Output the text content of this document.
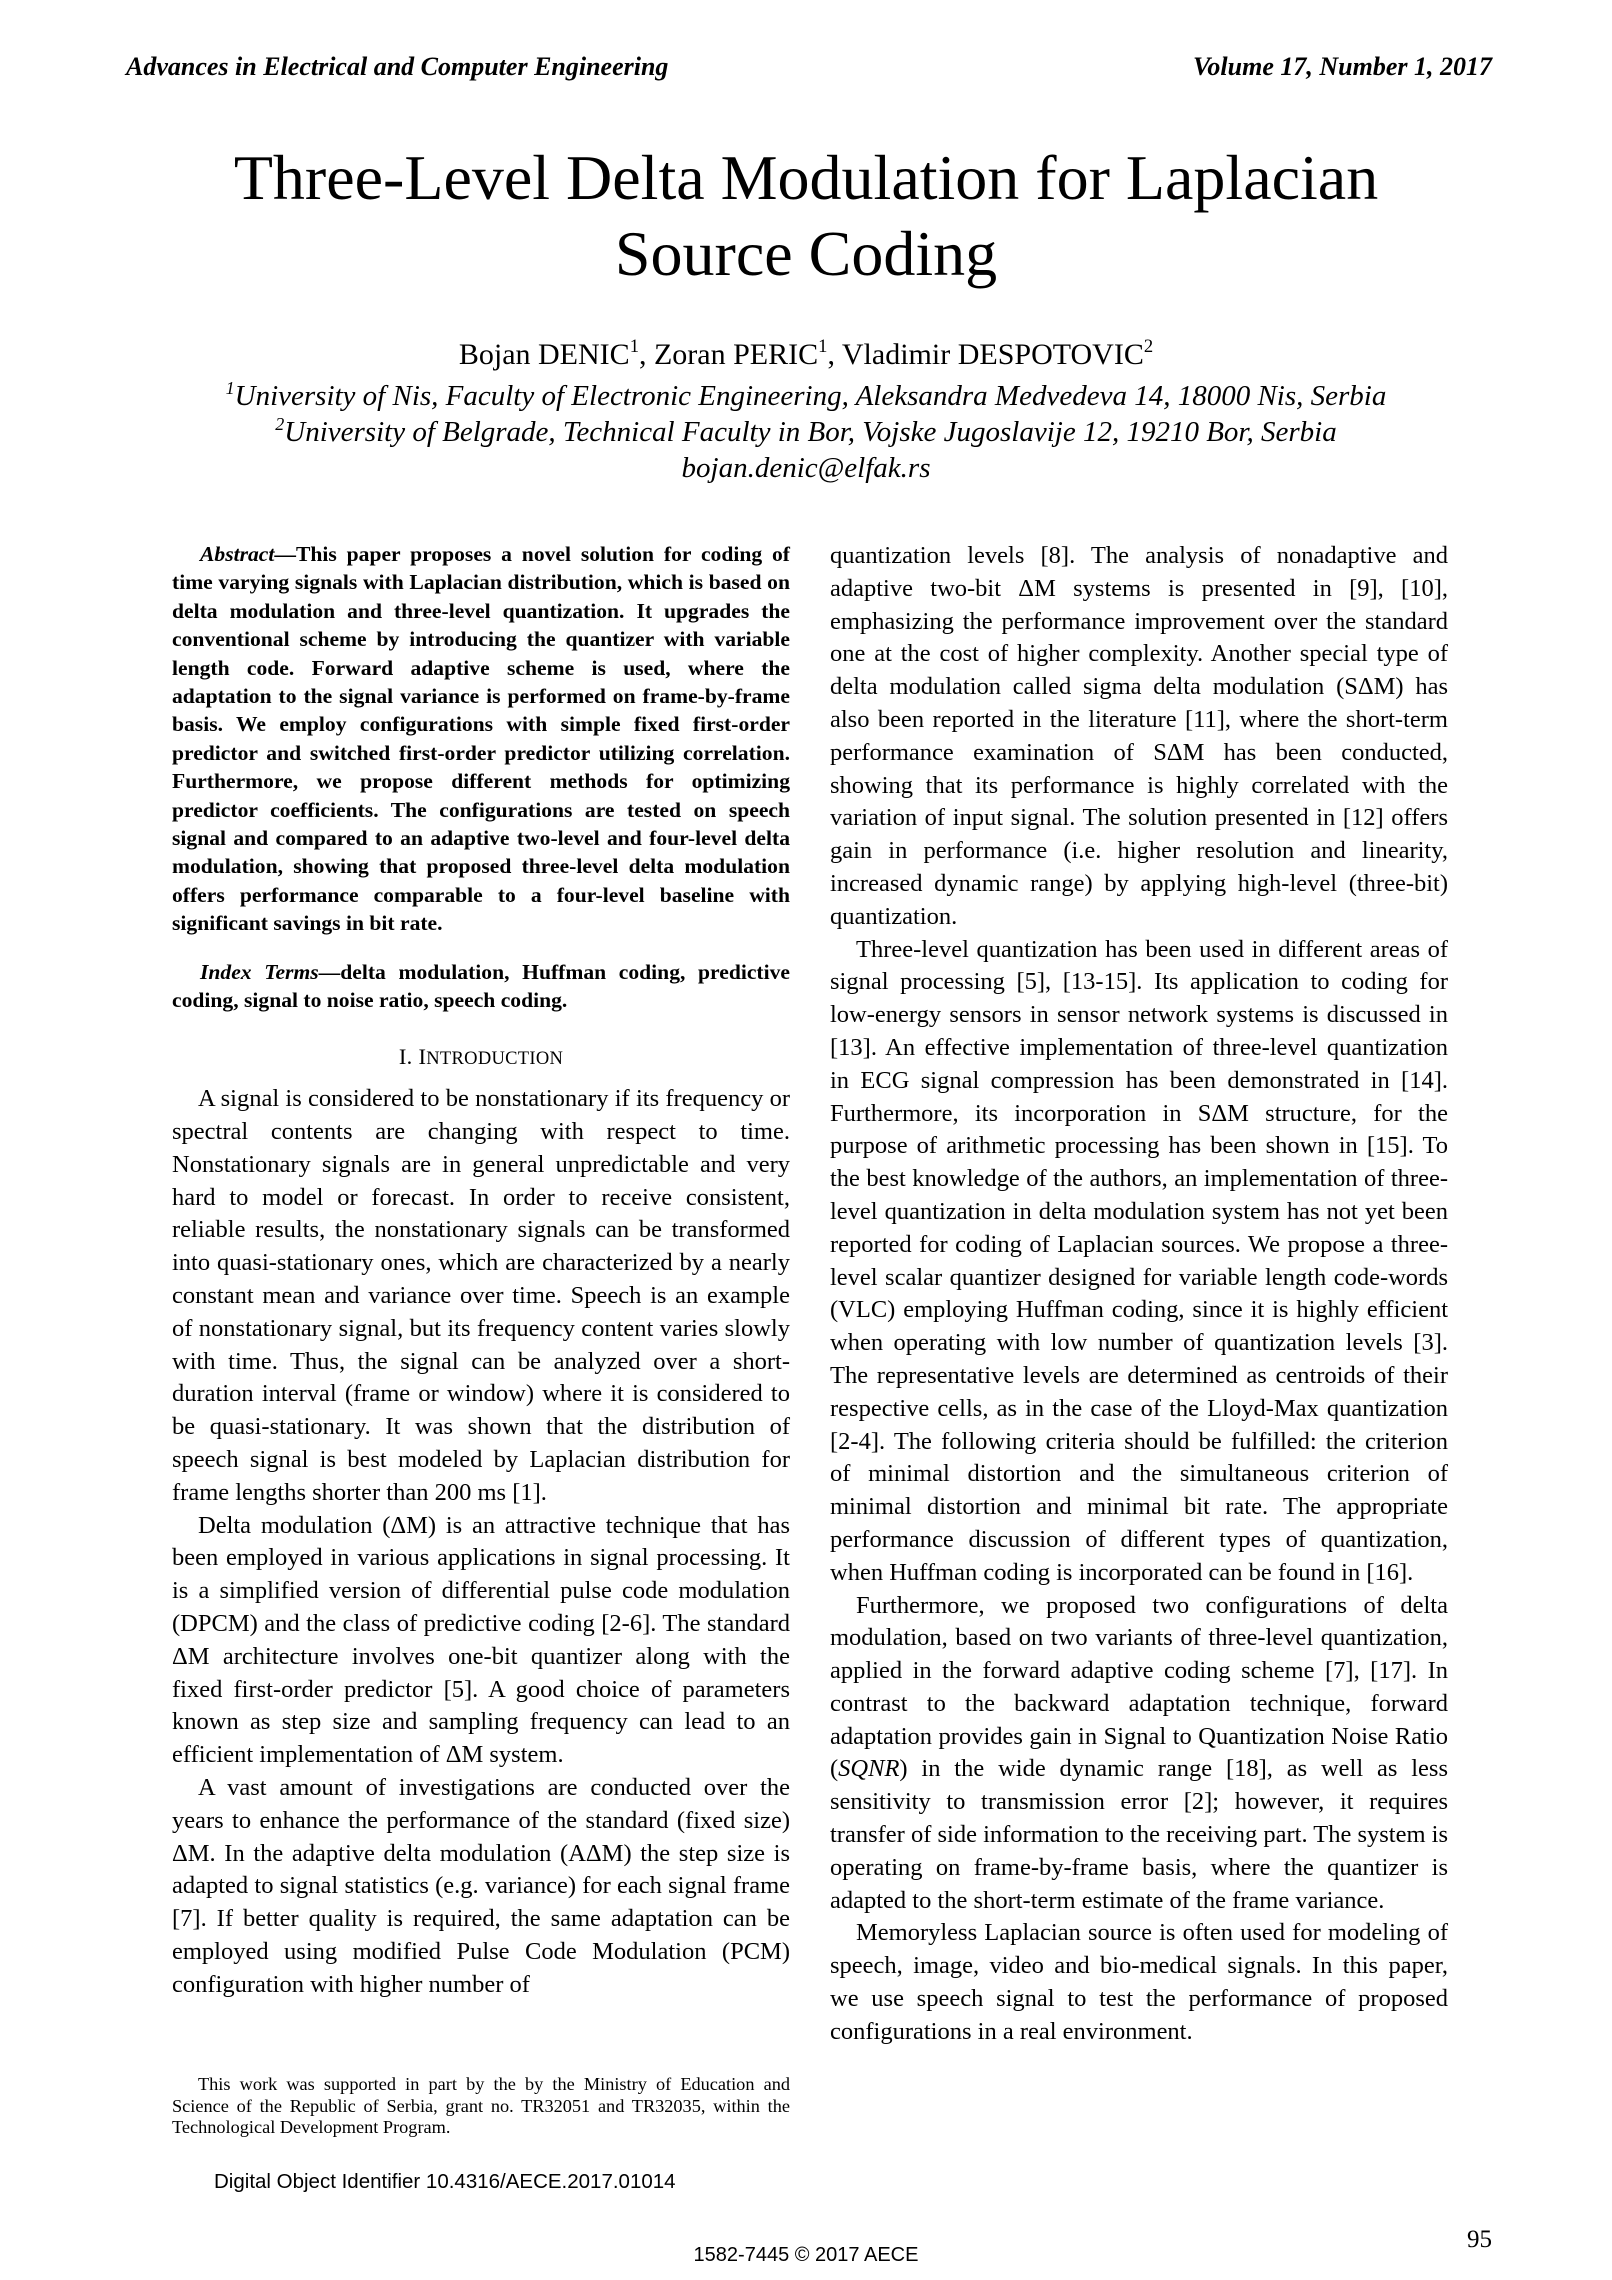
Advances in Electrical and Computer Engineering	Volume 17, Number 1, 2017
Three-Level Delta Modulation for Laplacian Source Coding
Bojan DENIC$^1$, Zoran PERIC$^1$, Vladimir DESPOTOVIC$^2$
$^1$University of Nis, Faculty of Electronic Engineering, Aleksandra Medvedeva 14, 18000 Nis, Serbia
$^2$University of Belgrade, Technical Faculty in Bor, Vojske Jugoslavije 12, 19210 Bor, Serbia
bojan.denic@elfak.rs
Abstract—This paper proposes a novel solution for coding of time varying signals with Laplacian distribution, which is based on delta modulation and three-level quantization. It upgrades the conventional scheme by introducing the quantizer with variable length code. Forward adaptive scheme is used, where the adaptation to the signal variance is performed on frame-by-frame basis. We employ configurations with simple fixed first-order predictor and switched first-order predictor utilizing correlation. Furthermore, we propose different methods for optimizing predictor coefficients. The configurations are tested on speech signal and compared to an adaptive two-level and four-level delta modulation, showing that proposed three-level delta modulation offers performance comparable to a four-level baseline with significant savings in bit rate.
Index Terms—delta modulation, Huffman coding, predictive coding, signal to noise ratio, speech coding.
I. INTRODUCTION

A signal is considered to be nonstationary if its frequency or spectral contents are changing with respect to time. Nonstationary signals are in general unpredictable and very hard to model or forecast. In order to receive consistent, reliable results, the nonstationary signals can be transformed into quasi-stationary ones, which are characterized by a nearly constant mean and variance over time. Speech is an example of nonstationary signal, but its frequency content varies slowly with time. Thus, the signal can be analyzed over a short-duration interval (frame or window) where it is considered to be quasi-stationary. It was shown that the distribution of speech signal is best modeled by Laplacian distribution for frame lengths shorter than 200 ms [1].

Delta modulation (ΔM) is an attractive technique that has been employed in various applications in signal processing. It is a simplified version of differential pulse code modulation (DPCM) and the class of predictive coding [2-6]. The standard ΔM architecture involves one-bit quantizer along with the fixed first-order predictor [5]. A good choice of parameters known as step size and sampling frequency can lead to an efficient implementation of ΔM system.

A vast amount of investigations are conducted over the years to enhance the performance of the standard (fixed size) ΔM. In the adaptive delta modulation (AΔM) the step size is adapted to signal statistics (e.g. variance) for each signal frame [7]. If better quality is required, the same adaptation can be employed using modified Pulse Code Modulation (PCM) configuration with higher number of

quantization levels [8]. The analysis of nonadaptive and adaptive two-bit ΔM systems is presented in [9], [10], emphasizing the performance improvement over the standard one at the cost of higher complexity. Another special type of delta modulation called sigma delta modulation (SΔM) has also been reported in the literature [11], where the short-term performance examination of SΔM has been conducted, showing that its performance is highly correlated with the variation of input signal. The solution presented in [12] offers gain in performance (i.e. higher resolution and linearity, increased dynamic range) by applying high-level (three-bit) quantization.

Three-level quantization has been used in different areas of signal processing [5], [13-15]. Its application to coding for low-energy sensors in sensor network systems is discussed in [13]. An effective implementation of three-level quantization in ECG signal compression has been demonstrated in [14]. Furthermore, its incorporation in SΔM structure, for the purpose of arithmetic processing has been shown in [15]. To the best knowledge of the authors, an implementation of three-level quantization in delta modulation system has not yet been reported for coding of Laplacian sources. We propose a three-level scalar quantizer designed for variable length code-words (VLC) employing Huffman coding, since it is highly efficient when operating with low number of quantization levels [3]. The representative levels are determined as centroids of their respective cells, as in the case of the Lloyd-Max quantization [2-4]. The following criteria should be fulfilled: the criterion of minimal distortion and the simultaneous criterion of minimal distortion and minimal bit rate. The appropriate performance discussion of different types of quantization, when Huffman coding is incorporated can be found in [16].

Furthermore, we proposed two configurations of delta modulation, based on two variants of three-level quantization, applied in the forward adaptive coding scheme [7], [17]. In contrast to the backward adaptation technique, forward adaptation provides gain in Signal to Quantization Noise Ratio (SQNR) in the wide dynamic range [18], as well as less sensitivity to transmission error [2]; however, it requires transfer of side information to the receiving part. The system is operating on frame-by-frame basis, where the quantizer is adapted to the short-term estimate of the frame variance.

Memoryless Laplacian source is often used for modeling of speech, image, video and bio-medical signals. In this paper, we use speech signal to test the performance of proposed configurations in a real environment.

This work was supported in part by the by the Ministry of Education and Science of the Republic of Serbia, grant no. TR32051 and TR32035, within the Technological Development Program.
Digital Object Identifier 10.4316/AECE.2017.01014
95
1582-7445 © 2017 AECE
